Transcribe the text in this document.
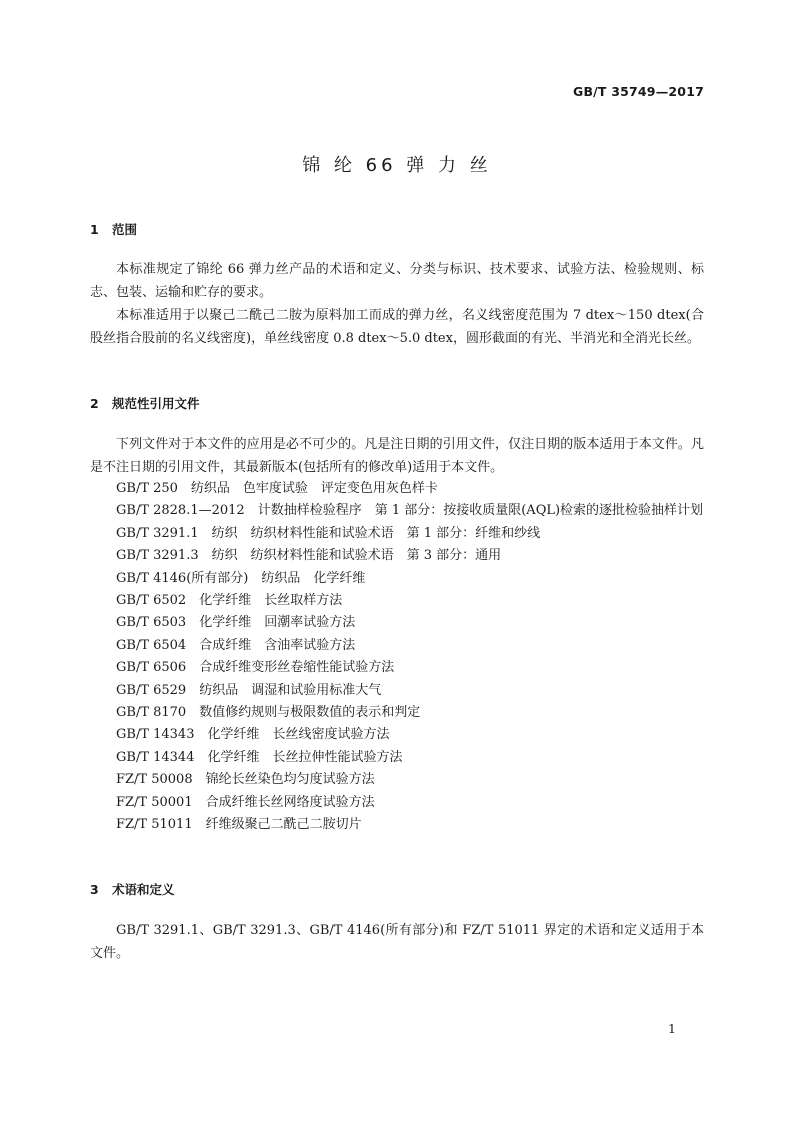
GB/T 35749—2017
锦 纶 66 弹 力 丝
1 范围
本标准规定了锦纶 66 弹力丝产品的术语和定义、分类与标识、技术要求、试验方法、检验规则、标志、包装、运输和贮存的要求。
本标准适用于以聚己二酰己二胺为原料加工而成的弹力丝，名义线密度范围为 7 dtex～150 dtex(合股丝指合股前的名义线密度)，单丝线密度 0.8 dtex～5.0 dtex，圆形截面的有光、半消光和全消光长丝。
2 规范性引用文件
下列文件对于本文件的应用是必不可少的。凡是注日期的引用文件，仅注日期的版本适用于本文件。凡是不注日期的引用文件，其最新版本(包括所有的修改单)适用于本文件。
GB/T 250　纺织品　色牢度试验　评定变色用灰色样卡
GB/T 2828.1—2012　计数抽样检验程序　第 1 部分：按接收质量限(AQL)检索的逐批检验抽样计划
GB/T 3291.1　纺织　纺织材料性能和试验术语　第 1 部分：纤维和纱线
GB/T 3291.3　纺织　纺织材料性能和试验术语　第 3 部分：通用
GB/T 4146(所有部分)　纺织品　化学纤维
GB/T 6502　化学纤维　长丝取样方法
GB/T 6503　化学纤维　回潮率试验方法
GB/T 6504　合成纤维　含油率试验方法
GB/T 6506　合成纤维变形丝卷缩性能试验方法
GB/T 6529　纺织品　调湿和试验用标准大气
GB/T 8170　数值修约规则与极限数值的表示和判定
GB/T 14343　化学纤维　长丝线密度试验方法
GB/T 14344　化学纤维　长丝拉伸性能试验方法
FZ/T 50008　锦纶长丝染色均匀度试验方法
FZ/T 50001　合成纤维长丝网络度试验方法
FZ/T 51011　纤维级聚己二酰己二胺切片
3 术语和定义
GB/T 3291.1、GB/T 3291.3、GB/T 4146(所有部分)和 FZ/T 51011 界定的术语和定义适用于本文件。
1
